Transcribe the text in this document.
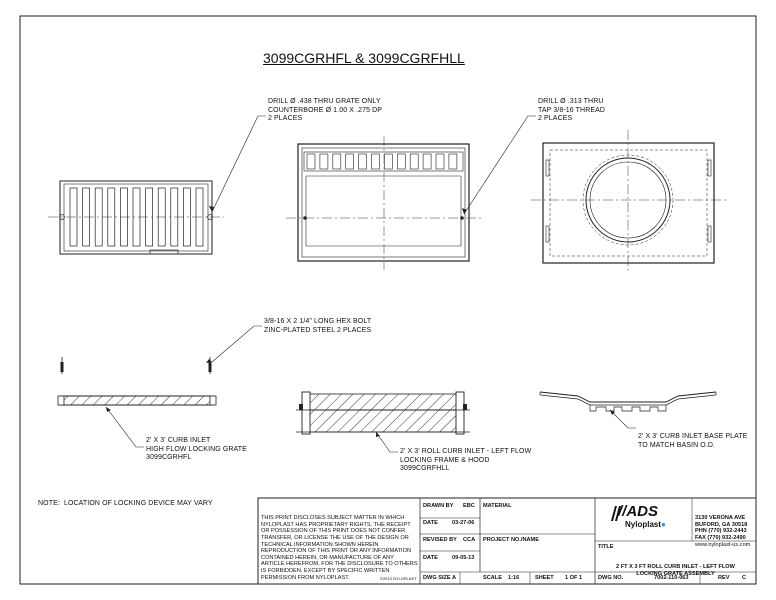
3099CGRHFL & 3099CGRFHLL
DRILL Ø .438 THRU GRATE ONLY
COUNTERBORE Ø 1.00 X .275 DP
2 PLACES
DRILL Ø .313 THRU
TAP 3/8-16 THREAD
2 PLACES
3/8-16 X 2 1/4" LONG HEX BOLT
ZINC-PLATED STEEL 2 PLACES
2' X 3' CURB INLET
HIGH FLOW LOCKING GRATE
3099CGRHFL
2' X 3' ROLL CURB INLET - LEFT FLOW
LOCKING FRAME & HOOD
3099CGRFHLL
2' X 3' CURB INLET BASE PLATE
TO MATCH BASIN O.D.
NOTE:  LOCATION OF LOCKING DEVICE MAY VARY

THIS PRINT DISCLOSES SUBJECT MATTER IN WHICH
NYLOPLAST HAS PROPRIETARY RIGHTS. THE RECEIPT
OR POSSESSION OF THIS PRINT DOES NOT CONFER,
TRANSFER, OR LICENSE THE USE OF THE DESIGN OR
TECHNICAL INFORMATION SHOWN HEREIN
REPRODUCTION OF THIS PRINT OR ANY INFORMATION
CONTAINED HEREIN, OR MANUFACTURE OF ANY
ARTICLE HEREFROM, FOR THE DISCLOSURE TO OTHERS
IS FORBIDDEN, EXCEPT BY SPECIFIC WRITTEN
PERMISSION FROM NYLOPLAST.	©2013 NYLOPLAST
DRAWN BY EBC
DATE	03-27-06
REVISED BY CCA
DATE	09-05-13
MATERIAL
PROJECT NO./NAME
DWG SIZE A	SCALE 1:16	SHEET 1 OF 1
//ADS
Nyloplast●

3130 VERONA AVE
BUFORD, GA 30518
PHN (770) 932-2443
FAX (770) 932-2490
www.nyloplast-us.com

TITLE

2 FT X 3 FT ROLL CURB INLET - LEFT FLOW
LOCKING GRATE ASSEMBLY

DWG NO.	7002-110-063	REV C
